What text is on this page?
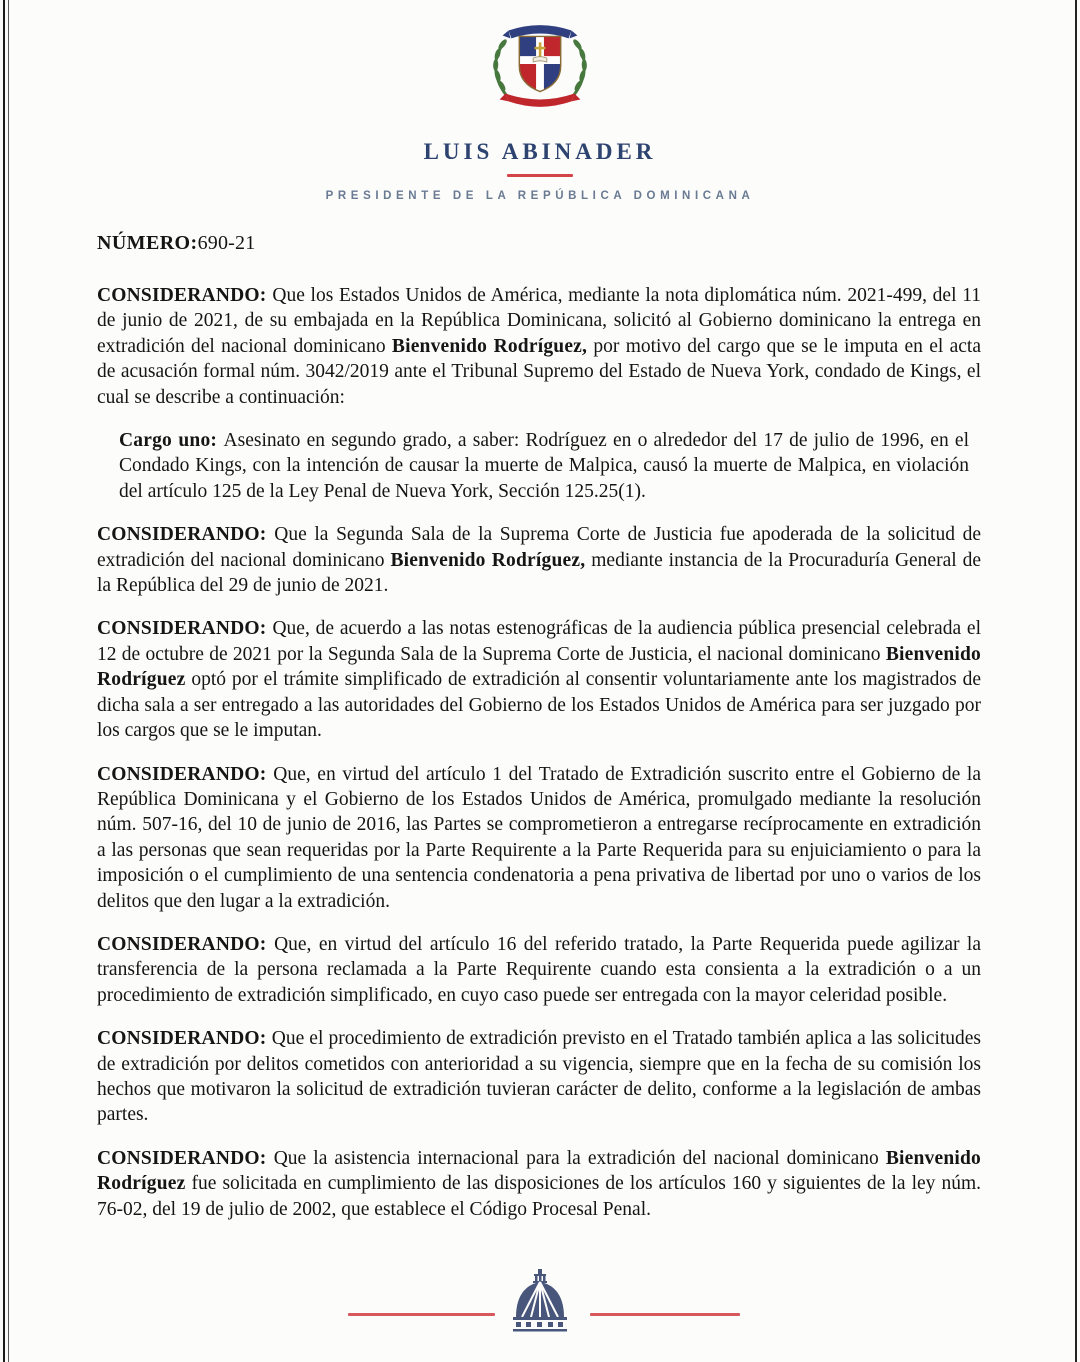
LUIS ABINADER
PRESIDENTE DE LA REPÚBLICA DOMINICANA
NÚMERO:690-21

CONSIDERANDO: Que los Estados Unidos de América, mediante la nota diplomática núm. 2021-499, del 11 de junio de 2021, de su embajada en la República Dominicana, solicitó al Gobierno dominicano la entrega en extradición del nacional dominicano Bienvenido Rodríguez, por motivo del cargo que se le imputa en el acta de acusación formal núm. 3042/2019 ante el Tribunal Supremo del Estado de Nueva York, condado de Kings, el cual se describe a continuación:

Cargo uno: Asesinato en segundo grado, a saber: Rodríguez en o alrededor del 17 de julio de 1996, en el Condado Kings, con la intención de causar la muerte de Malpica, causó la muerte de Malpica, en violación del artículo 125 de la Ley Penal de Nueva York, Sección 125.25(1).

CONSIDERANDO: Que la Segunda Sala de la Suprema Corte de Justicia fue apoderada de la solicitud de extradición del nacional dominicano Bienvenido Rodríguez, mediante instancia de la Procuraduría General de la República del 29 de junio de 2021.

CONSIDERANDO: Que, de acuerdo a las notas estenográficas de la audiencia pública presencial celebrada el 12 de octubre de 2021 por la Segunda Sala de la Suprema Corte de Justicia, el nacional dominicano Bienvenido Rodríguez optó por el trámite simplificado de extradición al consentir voluntariamente ante los magistrados de dicha sala a ser entregado a las autoridades del Gobierno de los Estados Unidos de América para ser juzgado por los cargos que se le imputan.

CONSIDERANDO: Que, en virtud del artículo 1 del Tratado de Extradición suscrito entre el Gobierno de la República Dominicana y el Gobierno de los Estados Unidos de América, promulgado mediante la resolución núm. 507-16, del 10 de junio de 2016, las Partes se comprometieron a entregarse recíprocamente en extradición a las personas que sean requeridas por la Parte Requirente a la Parte Requerida para su enjuiciamiento o para la imposición o el cumplimiento de una sentencia condenatoria a pena privativa de libertad por uno o varios de los delitos que den lugar a la extradición.

CONSIDERANDO: Que, en virtud del artículo 16 del referido tratado, la Parte Requerida puede agilizar la transferencia de la persona reclamada a la Parte Requirente cuando esta consienta a la extradición o a un procedimiento de extradición simplificado, en cuyo caso puede ser entregada con la mayor celeridad posible.

CONSIDERANDO: Que el procedimiento de extradición previsto en el Tratado también aplica a las solicitudes de extradición por delitos cometidos con anterioridad a su vigencia, siempre que en la fecha de su comisión los hechos que motivaron la solicitud de extradición tuvieran carácter de delito, conforme a la legislación de ambas partes.

CONSIDERANDO: Que la asistencia internacional para la extradición del nacional dominicano Bienvenido Rodríguez fue solicitada en cumplimiento de las disposiciones de los artículos 160 y siguientes de la ley núm. 76-02, del 19 de julio de 2002, que establece el Código Procesal Penal.
